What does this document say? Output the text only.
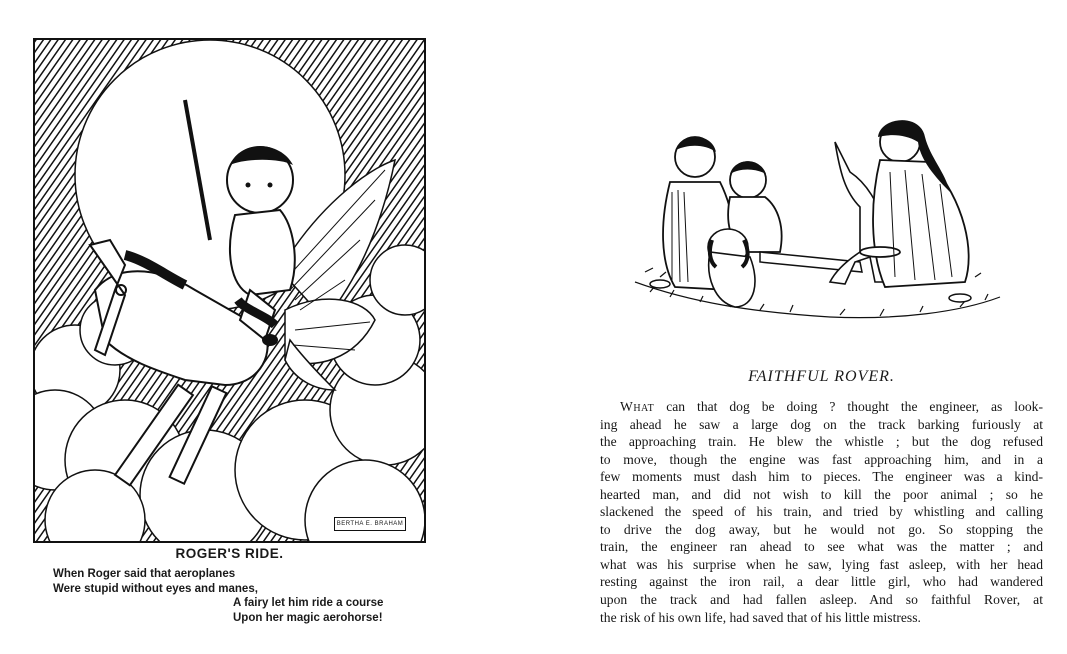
BERTHA E. BRAHAM
ROGER'S RIDE.
When Roger said that aeroplanes
Were stupid without eyes and manes,
A fairy let him ride a course
Upon her magic aerohorse!
FAITHFUL ROVER.
What can that dog be doing ? thought the engineer, as look-
ing ahead he saw a large dog on the track barking furiously at
the approaching train. He blew the whistle ; but the dog refused
to move, though the engine was fast approaching him, and in a
few moments must dash him to pieces. The engineer was a kind-
hearted man, and did not wish to kill the poor animal ; so he
slackened the speed of his train, and tried by whistling and calling
to drive the dog away, but he would not go. So stopping the
train, the engineer ran ahead to see what was the matter ; and
what was his surprise when he saw, lying fast asleep, with her head
resting against the iron rail, a dear little girl, who had wandered
upon the track and had fallen asleep. And so faithful Rover, at
the risk of his own life, had saved that of his little mistress.
